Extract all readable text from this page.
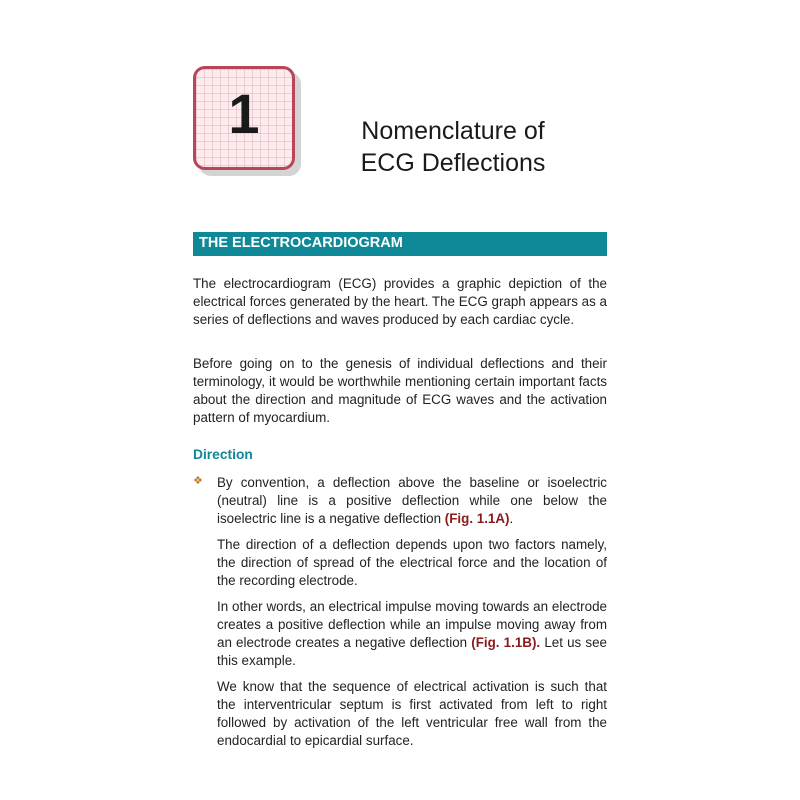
1	Nomenclature of
ECG Deflections
THE ELECTROCARDIOGRAM

The electrocardiogram (ECG) provides a graphic depiction of the electrical forces generated by the heart. The ECG graph appears as a series of deflections and waves produced by each cardiac cycle.

Before going on to the genesis of individual deflections and their terminology, it would be worthwhile mentioning certain important facts about the direction and magnitude of ECG waves and the activation pattern of myocardium.

Direction
❖ By convention, a deflection above the baseline or isoelectric (neutral) line is a positive deflection while one below the isoelectric line is a negative deflection (Fig. 1.1A).

The direction of a deflection depends upon two factors namely, the direction of spread of the electrical force and the location of the recording electrode.

In other words, an electrical impulse moving towards an electrode creates a positive deflection while an impulse moving away from an electrode creates a negative deflection (Fig. 1.1B). Let us see this example.

We know that the sequence of electrical activation is such that the interventricular septum is first activated from left to right followed by activation of the left ventricular free wall from the endocardial to epicardial surface.
